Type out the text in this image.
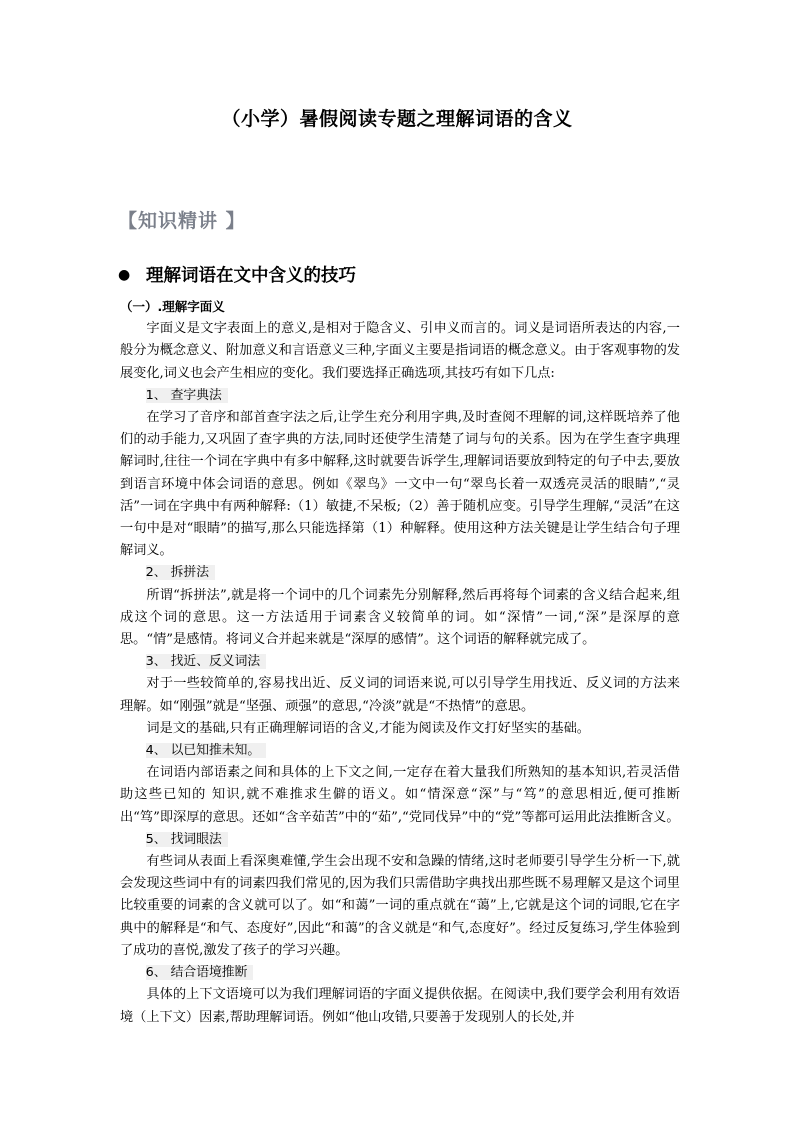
（小学）暑假阅读专题之理解词语的含义
【知识精讲 】
● 理解词语在文中含义的技巧

（一）.理解字面义

字面义是文字表面上的意义,是相对于隐含义、引申义而言的。词义是词语所表达的内容,一般分为概念意义、附加意义和言语意义三种,字面义主要是指词语的概念意义。由于客观事物的发展变化,词义也会产生相应的变化。我们要选择正确选项,其技巧有如下几点:

1、 查字典法

在学习了音序和部首查字法之后,让学生充分利用字典,及时查阅不理解的词,这样既培养了他们的动手能力,又巩固了查字典的方法,同时还使学生清楚了词与句的关系。因为在学生查字典理解词时,往往一个词在字典中有多中解释,这时就要告诉学生,理解词语要放到特定的句子中去,要放到语言环境中体会词语的意思。例如《翠鸟》一文中一句“翠鸟长着一双透亮灵活的眼睛”,“灵活”一词在字典中有两种解释:（1）敏捷,不呆板;（2）善于随机应变。引导学生理解,“灵活”在这一句中是对“眼睛”的描写,那么只能选择第（1）种解释。使用这种方法关键是让学生结合句子理解词义。

2、 拆拼法

所谓“拆拼法”,就是将一个词中的几个词素先分别解释,然后再将每个词素的含义结合起来,组成这个词的意思。这一方法适用于词素含义较简单的词。如“深情”一词,“深”是深厚的意思。“情”是感情。将词义合并起来就是“深厚的感情”。这个词语的解释就完成了。

3、 找近、反义词法

对于一些较简单的,容易找出近、反义词的词语来说,可以引导学生用找近、反义词的方法来理解。如“刚强”就是“坚强、顽强”的意思,“冷淡”就是“不热情”的意思。

词是文的基础,只有正确理解词语的含义,才能为阅读及作文打好坚实的基础。

4、 以已知推未知。

在词语内部语素之间和具体的上下文之间,一定存在着大量我们所熟知的基本知识,若灵活借助这些已知的 知识,就不难推求生僻的语义。如“情深意“深”与“笃”的意思相近,便可推断出“笃”即深厚的意思。还如“含辛茹苦”中的“茹”,“党同伐异”中的“党”等都可运用此法推断含义。

5、 找词眼法

有些词从表面上看深奥难懂,学生会出现不安和急躁的情绪,这时老师要引导学生分析一下,就会发现这些词中有的词素四我们常见的,因为我们只需借助字典找出那些既不易理解又是这个词里比较重要的词素的含义就可以了。如“和蔼”一词的重点就在“蔼”上,它就是这个词的词眼,它在字典中的解释是“和气、态度好”,因此“和蔼”的含义就是“和气,态度好”。经过反复练习,学生体验到了成功的喜悦,激发了孩子的学习兴趣。

6、 结合语境推断

具体的上下文语境可以为我们理解词语的字面义提供依据。在阅读中,我们要学会利用有效语境（上下文）因素,帮助理解词语。例如“他山攻错,只要善于发现别人的长处,并
